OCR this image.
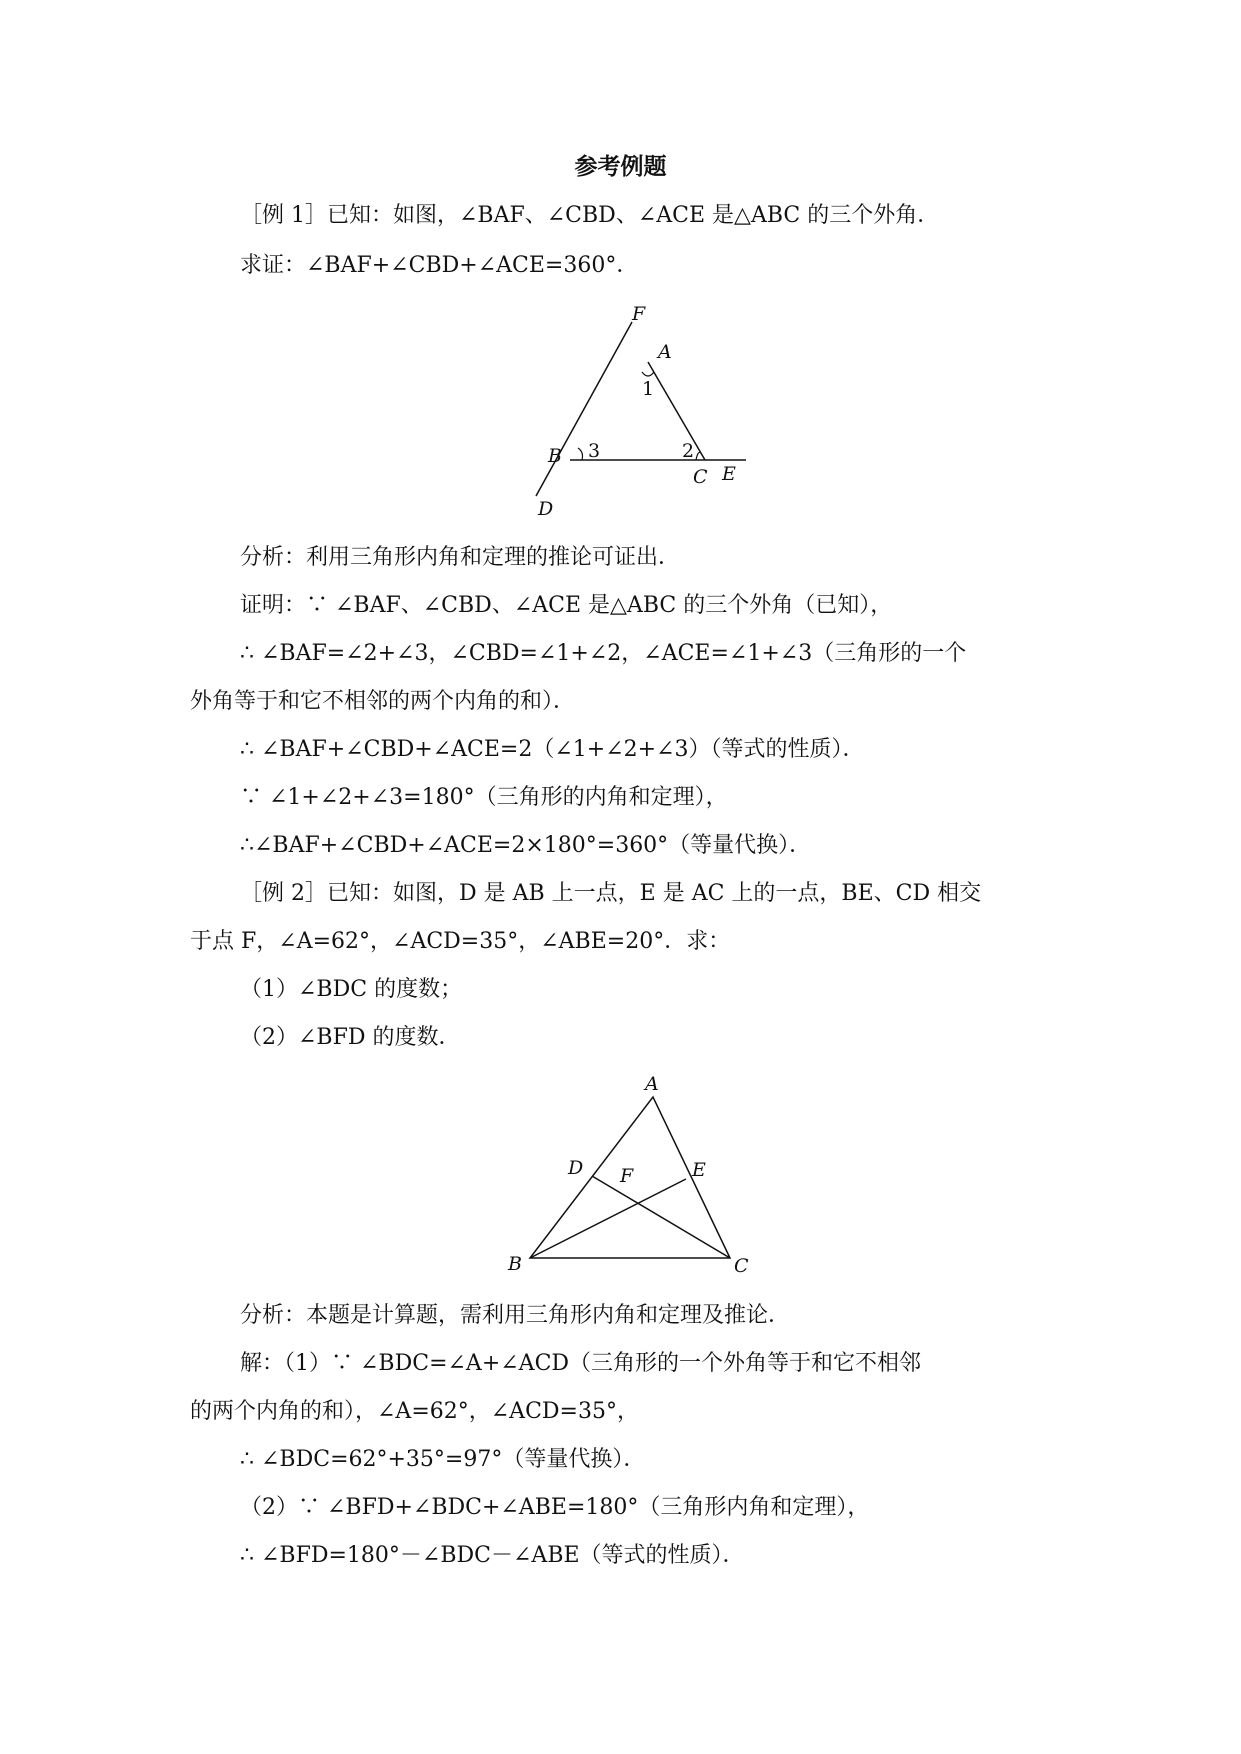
参考例题
［例 1］已知：如图，∠BAF、∠CBD、∠ACE 是△ABC 的三个外角．
求证：∠BAF+∠CBD+∠ACE=360°．
F
A
1
B 3	2
C E
D
分析：利用三角形内角和定理的推论可证出．
证明：∵ ∠BAF、∠CBD、∠ACE 是△ABC 的三个外角（已知），
∴ ∠BAF=∠2+∠3，∠CBD=∠1+∠2，∠ACE=∠1+∠3（三角形的一个
外角等于和它不相邻的两个内角的和）．
∴ ∠BAF+∠CBD+∠ACE=2（∠1+∠2+∠3）（等式的性质）．
∵ ∠1+∠2+∠3=180°（三角形的内角和定理），
∴∠BAF+∠CBD+∠ACE=2×180°=360°（等量代换）．
［例 2］已知：如图，D 是 AB 上一点，E 是 AC 上的一点，BE、CD 相交
于点 F，∠A=62°，∠ACD=35°，∠ABE=20°．求：
（1）∠BDC 的度数；
（2）∠BFD 的度数．
A
D	E
F
B	C
分析：本题是计算题，需利用三角形内角和定理及推论．
解：（1）∵ ∠BDC=∠A+∠ACD（三角形的一个外角等于和它不相邻
的两个内角的和），∠A=62°，∠ACD=35°，
∴ ∠BDC=62°+35°=97°（等量代换）．
（2）∵ ∠BFD+∠BDC+∠ABE=180°（三角形内角和定理），
∴ ∠BFD=180°－∠BDC－∠ABE（等式的性质）．
